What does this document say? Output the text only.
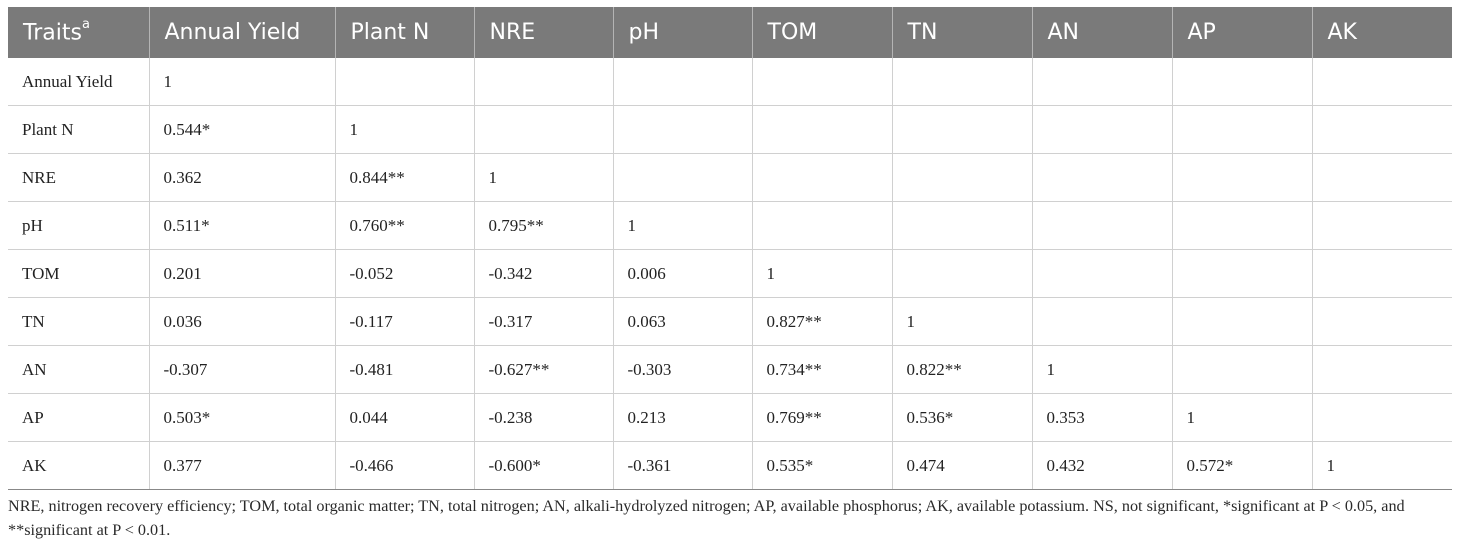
Traits$^a$	Annual Yield	Plant N	NRE	pH	TOM	TN	AN	AP	AK
Annual Yield	1								
Plant N	0.544*	1							
NRE	0.362	0.844**	1						
pH	0.511*	0.760**	0.795**	1					
TOM	0.201	-0.052	-0.342	0.006	1				
TN	0.036	-0.117	-0.317	0.063	0.827**	1			
AN	-0.307	-0.481	-0.627**	-0.303	0.734**	0.822**	1		
AP	0.503*	0.044	-0.238	0.213	0.769**	0.536*	0.353	1	
AK	0.377	-0.466	-0.600*	-0.361	0.535*	0.474	0.432	0.572*	1
NRE, nitrogen recovery efficiency; TOM, total organic matter; TN, total nitrogen; AN, alkali-hydrolyzed nitrogen; AP, available phosphorus; AK, available potassium. NS, not significant, *significant at P < 0.05, and **significant at P < 0.01.
